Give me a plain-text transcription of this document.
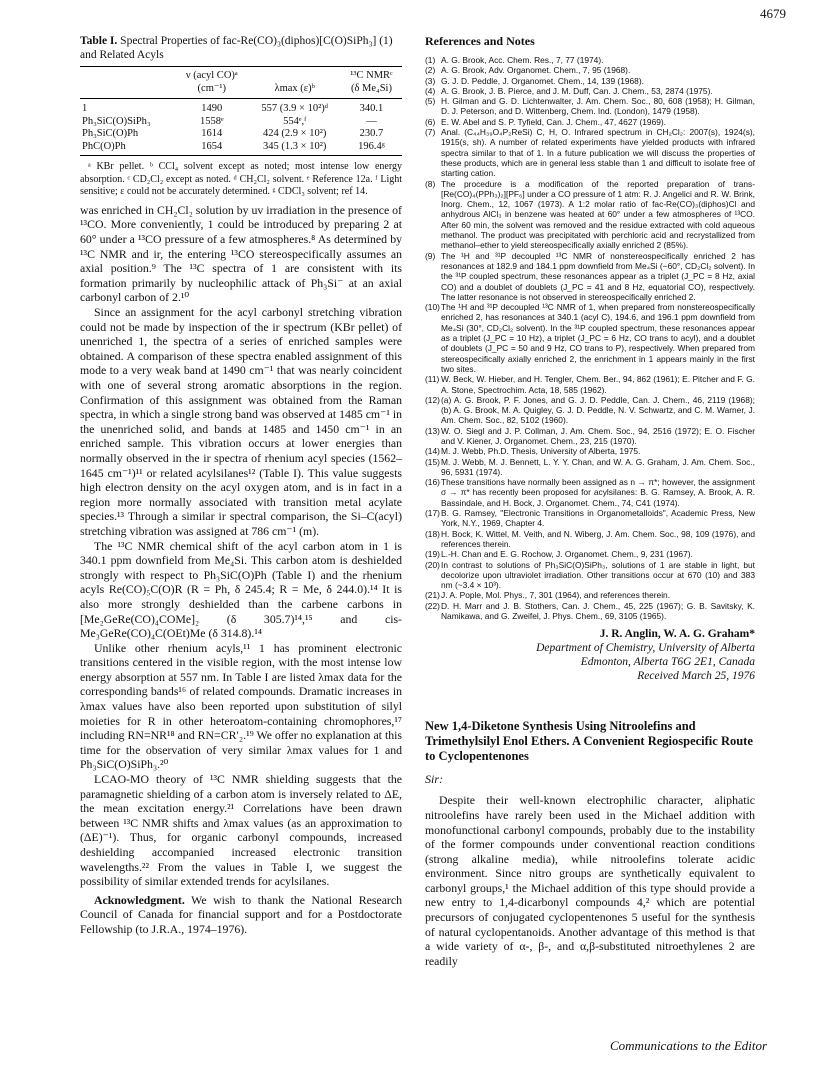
4679
Table I. Spectral Properties of fac-Re(CO)₃(diphos)[C(O)SiPh₃] (1) and Related Acyls
	ν (acyl CO)ᵃ		¹³C NMRᶜ
	(cm⁻¹)	λmax (ε)ᵇ	(δ Me₄Si)
1	1490	557 (3.9 × 10²)ᵈ	340.1
Ph₃SiC(O)SiPh₃	1558ᵉ	554ᵉ,ᶠ	—
Ph₃SiC(O)Ph	1614	424 (2.9 × 10²)	230.7
PhC(O)Ph	1654	345 (1.3 × 10²)	196.4ᵍ

ᵃ KBr pellet. ᵇ CCl₄ solvent except as noted; most intense low energy absorption. ᶜ CD₂Cl₂ except as noted. ᵈ CH₂Cl₂ solvent. ᵉ Reference 12a. ᶠ Light sensitive; ε could not be accurately determined. ᵍ CDCl₃ solvent; ref 14.

was enriched in CH₂Cl₂ solution by uv irradiation in the presence of ¹³CO. More conveniently, 1 could be introduced by preparing 2 at 60° under a ¹³CO pressure of a few atmospheres.⁸ As determined by ¹³C NMR and ir, the entering ¹³CO stereospecifically assumes an axial position.⁹ The ¹³C spectra of 1 are consistent with its formation primarily by nucleophilic attack of Ph₃Si⁻ at an axial carbonyl carbon of 2.¹⁰

Since an assignment for the acyl carbonyl stretching vibration could not be made by inspection of the ir spectrum (KBr pellet) of unenriched 1, the spectra of a series of enriched samples were obtained. A comparison of these spectra enabled assignment of this mode to a very weak band at 1490 cm⁻¹ that was nearly coincident with one of several strong aromatic absorptions in the region. Confirmation of this assignment was obtained from the Raman spectra, in which a single strong band was observed at 1485 cm⁻¹ in the unenriched solid, and bands at 1485 and 1450 cm⁻¹ in an enriched sample. This vibration occurs at lower energies than normally observed in the ir spectra of rhenium acyl species (1562–1645 cm⁻¹)¹¹ or related acylsilanes¹² (Table I). This value suggests high electron density on the acyl oxygen atom, and is in fact in a region more normally associated with transition metal acylate species.¹³ Through a similar ir spectral comparison, the Si–C(acyl) stretching vibration was assigned at 786 cm⁻¹ (m).

The ¹³C NMR chemical shift of the acyl carbon atom in 1 is 340.1 ppm downfield from Me₄Si. This carbon atom is deshielded strongly with respect to Ph₃SiC(O)Ph (Table I) and the rhenium acyls Re(CO)₅C(O)R (R = Ph, δ 245.4; R = Me, δ 244.0).¹⁴ It is also more strongly deshielded than the carbene carbons in [Me₂GeRe(CO)₄COMe]₂ (δ 305.7)¹⁴,¹⁵ and cis-Me₃GeRe(CO)₄C(OEt)Me (δ 314.8).¹⁴

Unlike other rhenium acyls,¹¹ 1 has prominent electronic transitions centered in the visible region, with the most intense low energy absorption at 557 nm. In Table I are listed λmax data for the corresponding bands¹⁶ of related compounds. Dramatic increases in λmax values have also been reported upon substitution of silyl moieties for R in other heteroatom-containing chromophores,¹⁷ including RN=NR¹⁸ and RN=CR′₂.¹⁹ We offer no explanation at this time for the observation of very similar λmax values for 1 and Ph₃SiC(O)SiPh₃.²⁰

LCAO-MO theory of ¹³C NMR shielding suggests that the paramagnetic shielding of a carbon atom is inversely related to ΔE, the mean excitation energy.²¹ Correlations have been drawn between ¹³C NMR shifts and λmax values (as an approximation to (ΔE)⁻¹). Thus, for organic carbonyl compounds, increased deshielding accompanied increased electronic transition wavelengths.²² From the values in Table I, we suggest the possibility of similar extended trends for acylsilanes.

Acknowledgment. We wish to thank the National Research Council of Canada for financial support and for a Postdoctorate Fellowship (to J.R.A., 1974–1976).

References and Notes
(1) A. G. Brook, Acc. Chem. Res., 7, 77 (1974).
(2) A. G. Brook, Adv. Organomet. Chem., 7, 95 (1968).
(3) G. J. D. Peddle, J. Organomet. Chem., 14, 139 (1968).
(4) A. G. Brook, J. B. Pierce, and J. M. Duff, Can. J. Chem., 53, 2874 (1975).
(5) H. Gilman and G. D. Lichtenwalter, J. Am. Chem. Soc., 80, 608 (1958); H. Gilman, D. J. Peterson, and D. Wittenberg, Chem. Ind. (London), 1479 (1958).
(6) E. W. Abel and S. P. Tyfield, Can. J. Chem., 47, 4627 (1969).
(7) Anal. (C₄₄H₃₉O₄P₂ReSi) C, H, O. Infrared spectrum in CH₂Cl₂: 2007(s), 1924(s), 1915(s, sh). A number of related experiments have yielded products with infrared spectra similar to that of 1. In a future publication we will discuss the properties of these products, which are in general less stable than 1 and difficult to isolate free of starting cation.
(8) The procedure is a modification of the reported preparation of trans-[Re(CO)₄(PPh₃)₂][PF₆] under a CO pressure of 1 atm: R. J. Angelici and R. W. Brink, Inorg. Chem., 12, 1067 (1973). A 1:2 molar ratio of fac-Re(CO)₃(diphos)Cl and anhydrous AlCl₃ in benzene was heated at 60° under a few atmospheres of ¹³CO. After 60 min, the solvent was removed and the residue extracted with cold aqueous methanol. The product was precipitated with perchloric acid and recrystallized from methanol–ether to yield stereospecifically axially enriched 2 (85%).
(9) The ¹H and ³¹P decoupled ¹³C NMR of nonstereospecifically enriched 2 has resonances at 182.9 and 184.1 ppm downfield from Me₄Si (−60°, CD₂Cl₂ solvent). In the ³¹P coupled spectrum, these resonances appear as a triplet (J_PC = 8 Hz, axial CO) and a doublet of doublets (J_PC = 41 and 8 Hz, equatorial CO), respectively. The latter resonance is not observed in stereospecifically enriched 2.
(10) The ¹H and ³¹P decoupled ¹³C NMR of 1, when prepared from nonstereospecifically enriched 2, has resonances at 340.1 (acyl C), 194.6, and 196.1 ppm downfield from Me₄Si (30°, CD₂Cl₂ solvent). In the ³¹P coupled spectrum, these resonances appear as a triplet (J_PC = 10 Hz), a triplet (J_PC = 6 Hz, CO trans to acyl), and a doublet of doublets (J_PC = 50 and 9 Hz, CO trans to P), respectively. When prepared from stereospecifically axially enriched 2, the enrichment in 1 appears mainly in the first two sites.
(11) W. Beck, W. Hieber, and H. Tengler, Chem. Ber., 94, 862 (1961); E. Pitcher and F. G. A. Stone, Spectrochim. Acta, 18, 585 (1962).
(12) (a) A. G. Brook, P. F. Jones, and G. J. D. Peddle, Can. J. Chem., 46, 2119 (1968); (b) A. G. Brook, M. A. Quigley, G. J. D. Peddle, N. V. Schwartz, and C. M. Warner, J. Am. Chem. Soc., 82, 5102 (1960).
(13) W. O. Siegl and J. P. Collman, J. Am. Chem. Soc., 94, 2516 (1972); E. O. Fischer and V. Kiener, J. Organomet. Chem., 23, 215 (1970).
(14) M. J. Webb, Ph.D. Thesis, University of Alberta, 1975.
(15) M. J. Webb, M. J. Bennett, L. Y. Y. Chan, and W. A. G. Graham, J. Am. Chem. Soc., 96, 5931 (1974).
(16) These transitions have normally been assigned as n → π*; however, the assignment σ → π* has recently been proposed for acylsilanes: B. G. Ramsey, A. Brook, A. R. Bassindale, and H. Bock, J. Organomet. Chem., 74, C41 (1974).
(17) B. G. Ramsey, "Electronic Transitions in Organometalloids", Academic Press, New York, N.Y., 1969, Chapter 4.
(18) H. Bock, K. Wittel, M. Veith, and N. Wiberg, J. Am. Chem. Soc., 98, 109 (1976), and references therein.
(19) L.-H. Chan and E. G. Rochow, J. Organomet. Chem., 9, 231 (1967).
(20) In contrast to solutions of Ph₃SiC(O)SiPh₃, solutions of 1 are stable in light, but decolorize upon ultraviolet irradiation. Other transitions occur at 670 (10) and 383 nm (~3.4 × 10³).
(21) J. A. Pople, Mol. Phys., 7, 301 (1964), and references therein.
(22) D. H. Marr and J. B. Stothers, Can. J. Chem., 45, 225 (1967); G. B. Savitsky, K. Namikawa, and G. Zweifel, J. Phys. Chem., 69, 3105 (1965).
J. R. Anglin, W. A. G. Graham*
Department of Chemistry, University of Alberta
Edmonton, Alberta T6G 2E1, Canada
Received March 25, 1976
New 1,4-Diketone Synthesis Using Nitroolefins and Trimethylsilyl Enol Ethers. A Convenient Regiospecific Route to Cyclopentenones
Sir:

Despite their well-known electrophilic character, aliphatic nitroolefins have rarely been used in the Michael addition with monofunctional carbonyl compounds, probably due to the instability of the former compounds under conventional reaction conditions (strong alkaline media), while nitroolefins tolerate acidic environment. Since nitro groups are synthetically equivalent to carbonyl groups,¹ the Michael addition of this type should provide a new entry to 1,4-dicarbonyl compounds 4,² which are potential precursors of conjugated cyclopentenones 5 useful for the synthesis of natural cyclopentanoids. Another advantage of this method is that a wide variety of α-, β-, and α,β-substituted nitroethylenes 2 are readily

Communications to the Editor
